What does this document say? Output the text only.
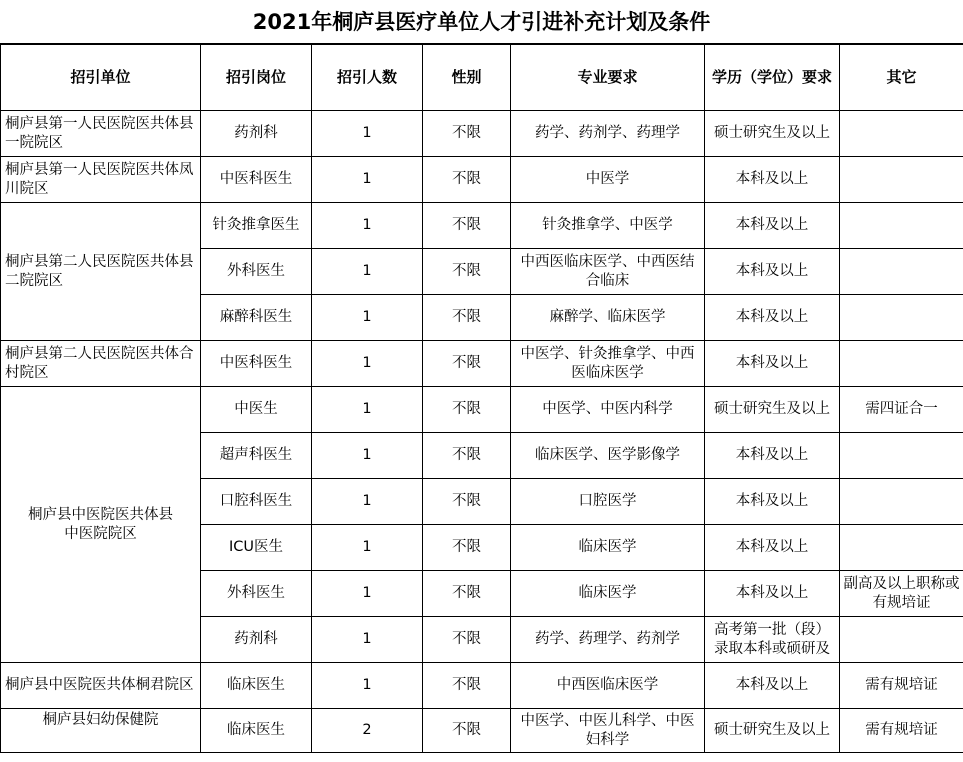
2021年桐庐县医疗单位人才引进补充计划及条件
招引单位	招引岗位	招引人数	性别	专业要求	学历（学位）要求	其它
桐庐县第一人民医院医共体县一院院区	药剂科	1	不限	药学、药剂学、药理学	硕士研究生及以上	
桐庐县第一人民医院医共体凤川院区	中医科医生	1	不限	中医学	本科及以上	
桐庐县第二人民医院医共体县二院院区	针灸推拿医生	1	不限	针灸推拿学、中医学	本科及以上	
	外科医生	1	不限	中西医临床医学、中西医结合临床	本科及以上	
	麻醉科医生	1	不限	麻醉学、临床医学	本科及以上	
桐庐县第二人民医院医共体合村院区	中医科医生	1	不限	中医学、针灸推拿学、中西医临床医学	本科及以上	
桐庐县中医院医共体县中医院院区	中医生	1	不限	中医学、中医内科学	硕士研究生及以上	需四证合一
	超声科医生	1	不限	临床医学、医学影像学	本科及以上	
	口腔科医生	1	不限	口腔医学	本科及以上	
	ICU医生	1	不限	临床医学	本科及以上	
	外科医生	1	不限	临床医学	本科及以上	副高及以上职称或有规培证
	药剂科	1	不限	药学、药理学、药剂学	高考第一批（段）录取本科或硕研及	
桐庐县中医院医共体桐君院区	临床医生	1	不限	中西医临床医学	本科及以上	需有规培证
桐庐县妇幼保健院	临床医生	2	不限	中医学、中医儿科学、中医妇科学	硕士研究生及以上	需有规培证
